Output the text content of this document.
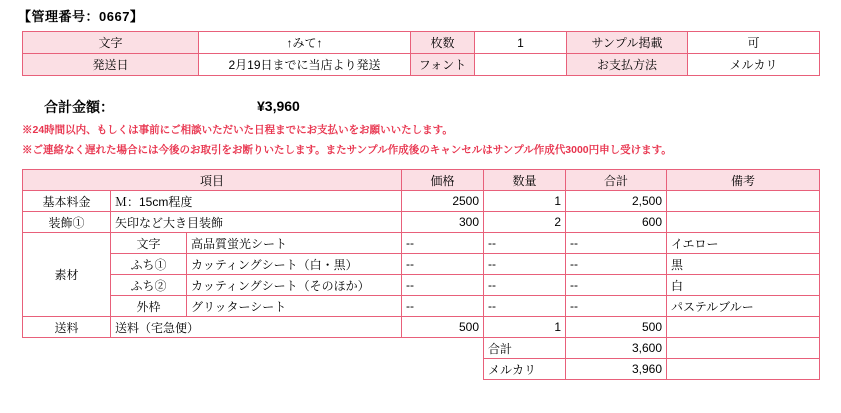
【管理番号：0667】
文字	↑みて↑	枚数	1	サンプル掲載	可
発送日	2月19日までに当店より発送	フォント		お支払方法	メルカリ
合計金額：	¥3,960
※24時間以内、もしくは事前にご相談いただいた日程までにお支払いをお願いいたします。
※ご連絡なく遅れた場合には今後のお取引をお断りいたします。またサンプル作成後のキャンセルはサンプル作成代3000円申し受けます。
項目			価格	数量	合計	備考
基本料金	Ｍ：15cm程度		2500	1	2,500	
装飾①	矢印など大き目装飾		300	2	600	
素材	文字	高品質蛍光シート	--	--	--	イエロー
	ふち①	カッティングシート（白・黒）	--	--	--	黒
	ふち②	カッティングシート（そのほか）	--	--	--	白
	外枠	グリッターシート	--	--	--	パステルブルー
送料	送料（宅急便）		500	1	500	
				合計	3,600	
				メルカリ	3,960	
